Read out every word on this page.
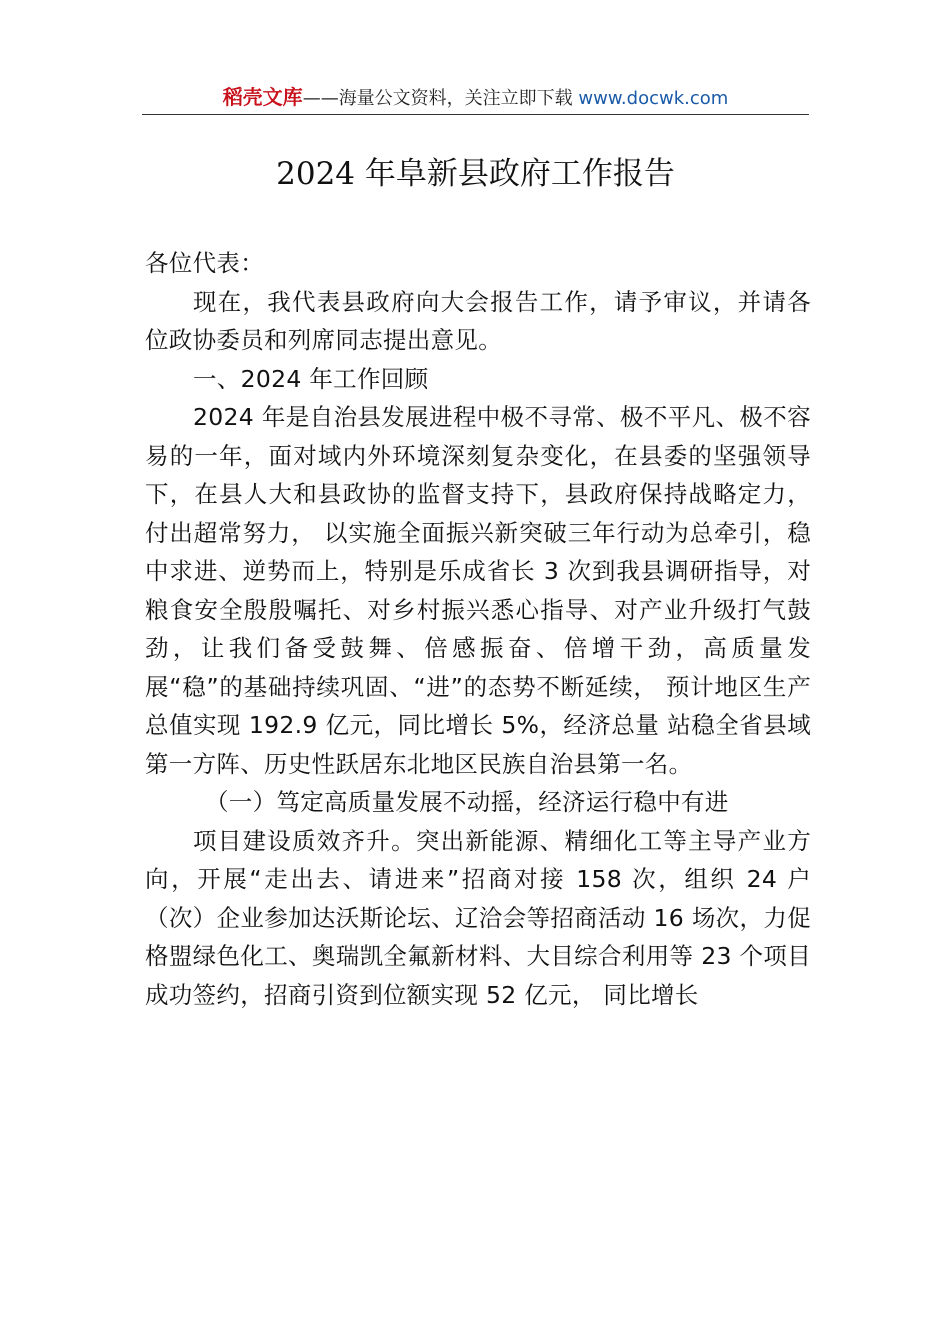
稻壳文库——海量公文资料，关注立即下载 www.docwk.com
2024 年阜新县政府工作报告

各位代表：

现在，我代表县政府向大会报告工作，请予审议，并请各位政协委员和列席同志提出意见。

一、2024 年工作回顾

2024 年是自治县发展进程中极不寻常、极不平凡、极不容易的一年，面对域内外环境深刻复杂变化，在县委的坚强领导下，在县人大和县政协的监督支持下，县政府保持战略定力，付出超常努力， 以实施全面振兴新突破三年行动为总牵引，稳中求进、逆势而上，特别是乐成省长 3 次到我县调研指导，对粮食安全殷殷嘱托、对乡村振兴悉心指导、对产业升级打气鼓劲，让我们备受鼓舞、倍感振奋、倍增干劲，高质量发展“稳”的基础持续巩固、“进”的态势不断延续， 预计地区生产总值实现 192.9 亿元，同比增长 5%，经济总量 站稳全省县域第一方阵、历史性跃居东北地区民族自治县第一名。

（一）笃定高质量发展不动摇，经济运行稳中有进

项目建设质效齐升。突出新能源、精细化工等主导产业方向，开展“走出去、请进来”招商对接 158 次，组织 24 户（次）企业参加达沃斯论坛、辽洽会等招商活动 16 场次，力促格盟绿色化工、奥瑞凯全氟新材料、大目综合利用等 23 个项目成功签约，招商引资到位额实现 52 亿元， 同比增长
